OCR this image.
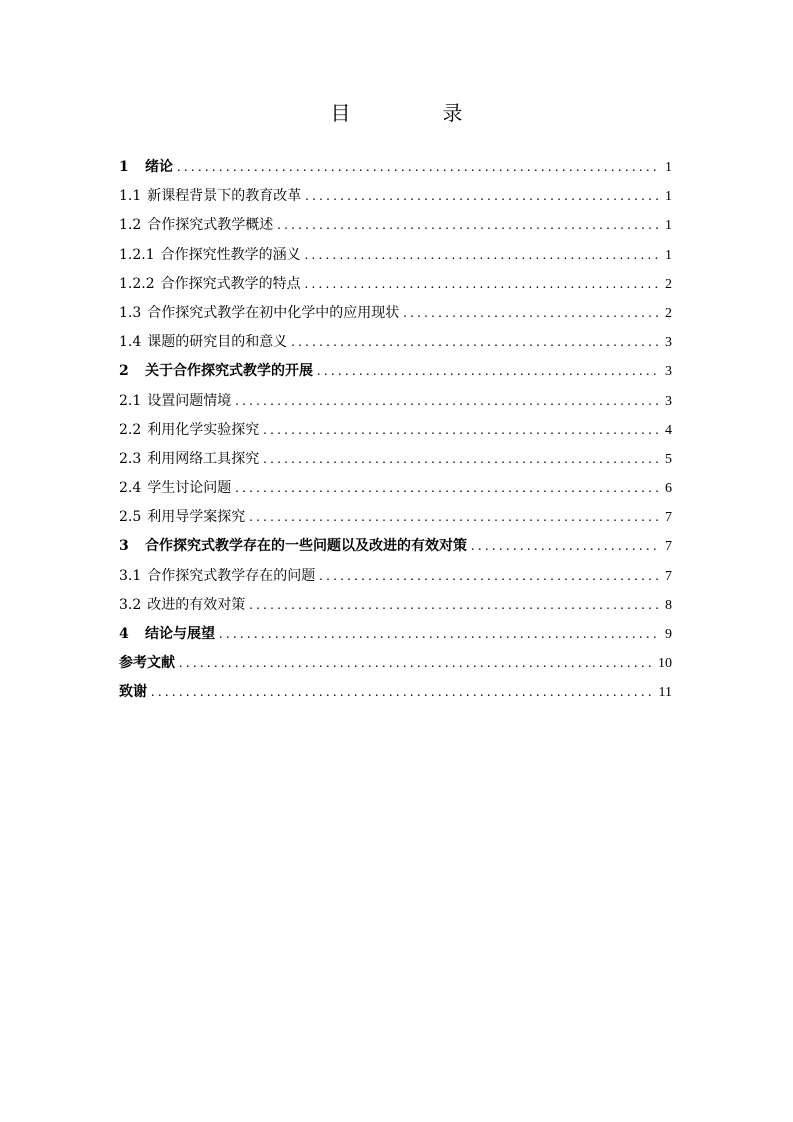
目　录
1 绪论 . . .	1
1.1 新课程背景下的教育改革 . . .	1
1.2 合作探究式教学概述 . . .	1
1.2.1 合作探究性教学的涵义 . . .	1
1.2.2 合作探究式教学的特点 . . .	2
1.3 合作探究式教学在初中化学中的应用现状 . . .	2
1.4 课题的研究目的和意义 . . .	3
2 关于合作探究式教学的开展 . . .	3
2.1 设置问题情境 . . .	3
2.2 利用化学实验探究 . . .	4
2.3 利用网络工具探究 . . .	5
2.4 学生讨论问题 . . .	6
2.5 利用导学案探究 . . .	7
3 合作探究式教学存在的一些问题以及改进的有效对策 . . .	7
3.1 合作探究式教学存在的问题 . . .	7
3.2 改进的有效对策 . . .	8
4 结论与展望 . . .	9
参考文献 . . .	10
致谢 . . .	11
